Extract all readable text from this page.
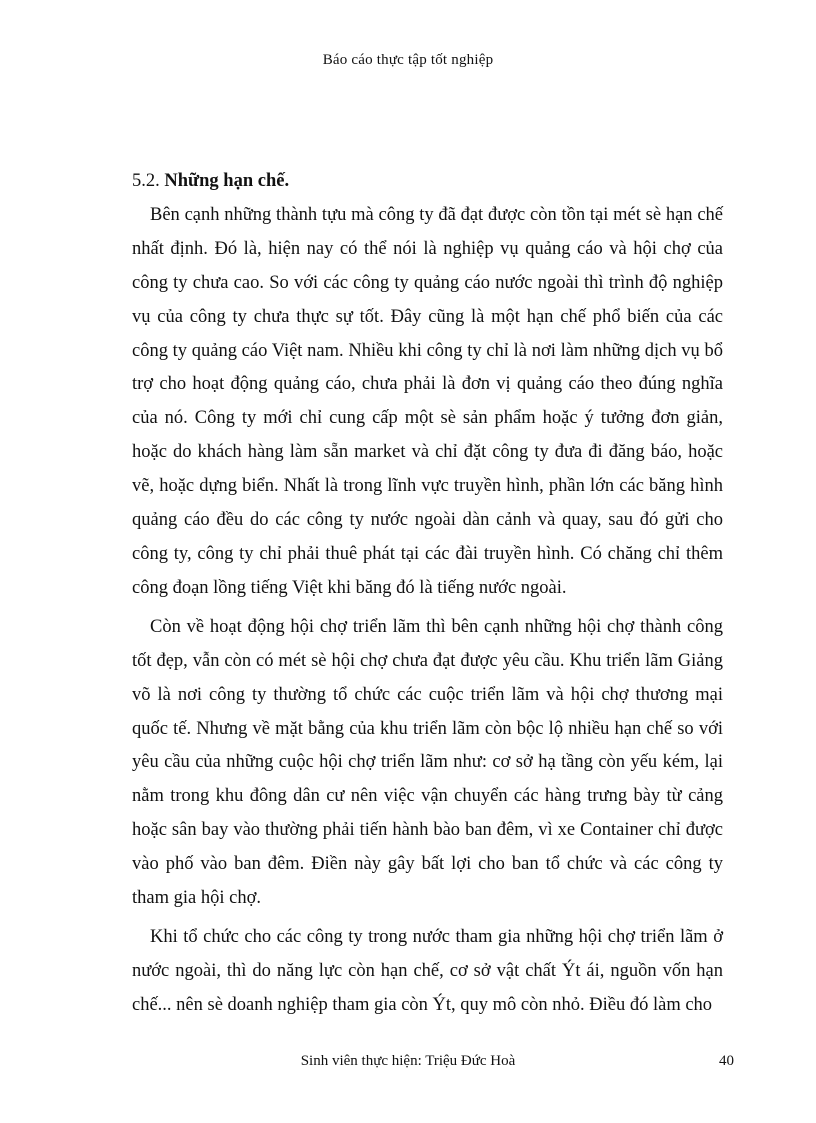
Báo cáo thực tập tốt nghiệp

5.2. Những hạn chế.

Bên cạnh những thành tựu mà công ty đã đạt được còn tồn tại mét sè hạn chế nhất định. Đó là, hiện nay có thể nói là nghiệp vụ quảng cáo và hội chợ của công ty chưa cao. So với các công ty quảng cáo nước ngoài thì trình độ nghiệp vụ của công ty chưa thực sự tốt. Đây cũng là một hạn chế phổ biến của các công ty quảng cáo Việt nam. Nhiều khi công ty chỉ là nơi làm những dịch vụ bổ trợ cho hoạt động quảng cáo, chưa phải là đơn vị quảng cáo theo đúng nghĩa của nó. Công ty mới chỉ cung cấp một sè sản phẩm hoặc ý tưởng đơn giản, hoặc do khách hàng làm sẵn market và chỉ đặt công ty đưa đi đăng báo, hoặc vẽ, hoặc dựng biển. Nhất là trong lĩnh vực truyền hình, phần lớn các băng hình quảng cáo đều do các công ty nước ngoài dàn cảnh và quay, sau đó gửi cho công ty, công ty chỉ phải thuê phát tại các đài truyền hình. Có chăng chỉ thêm công đoạn lồng tiếng Việt khi băng đó là tiếng nước ngoài.

Còn về hoạt động hội chợ triển lãm thì bên cạnh những hội chợ thành công tốt đẹp, vẫn còn có mét sè hội chợ chưa đạt được yêu cầu. Khu triển lãm Giảng võ là nơi công ty thường tổ chức các cuộc triển lãm và hội chợ thương mại quốc tế. Nhưng về mặt bằng của khu triển lãm còn bộc lộ nhiều hạn chế so với yêu cầu của những cuộc hội chợ triển lãm như: cơ sở hạ tầng còn yếu kém, lại nằm trong khu đông dân cư nên việc vận chuyển các hàng trưng bày từ cảng hoặc sân bay vào thường phải tiến hành bào ban đêm, vì xe Container chỉ được vào phố vào ban đêm. Điền này gây bất lợi cho ban tổ chức và các công ty tham gia hội chợ.

Khi tổ chức cho các công ty trong nước tham gia những hội chợ triển lãm ở nước ngoài, thì do năng lực còn hạn chế, cơ sở vật chất Ýt ái, nguồn vốn hạn chế... nên sè doanh nghiệp tham gia còn Ýt, quy mô còn nhỏ. Điều đó làm cho

Sinh viên thực hiện: Triệu Đức Hoà	40
